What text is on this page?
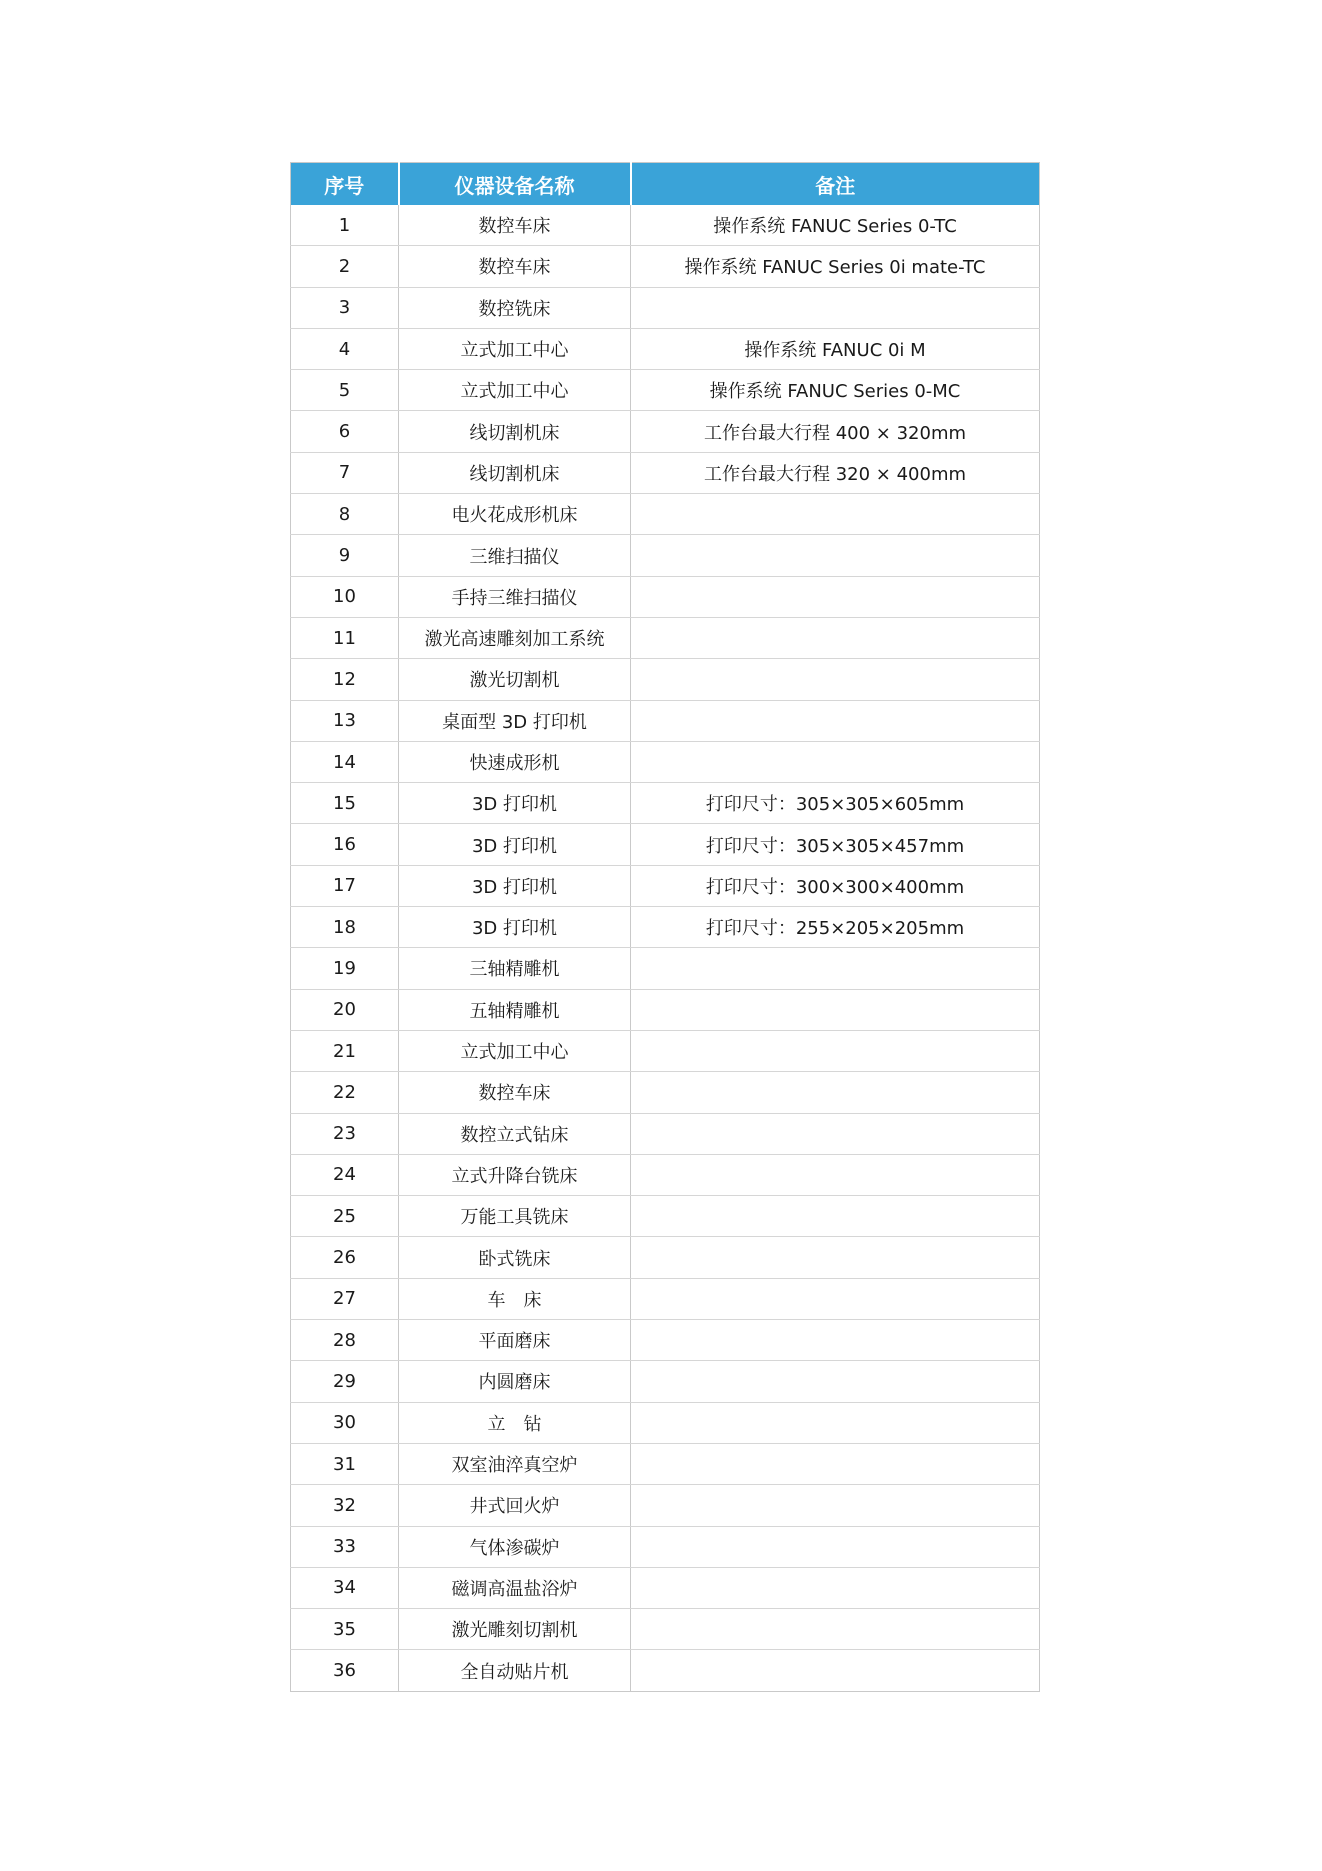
序号	仪器设备名称	备注
1	数控车床	操作系统 FANUC Series 0-TC
2	数控车床	操作系统 FANUC Series 0i mate-TC
3	数控铣床	
4	立式加工中心	操作系统 FANUC 0i M
5	立式加工中心	操作系统 FANUC Series 0-MC
6	线切割机床	工作台最大行程 400 × 320mm
7	线切割机床	工作台最大行程 320 × 400mm
8	电火花成形机床	
9	三维扫描仪	
10	手持三维扫描仪	
11	激光高速雕刻加工系统	
12	激光切割机	
13	桌面型 3D 打印机	
14	快速成形机	
15	3D 打印机	打印尺寸：305×305×605mm
16	3D 打印机	打印尺寸：305×305×457mm
17	3D 打印机	打印尺寸：300×300×400mm
18	3D 打印机	打印尺寸：255×205×205mm
19	三轴精雕机	
20	五轴精雕机	
21	立式加工中心	
22	数控车床	
23	数控立式钻床	
24	立式升降台铣床	
25	万能工具铣床	
26	卧式铣床	
27	车　床	
28	平面磨床	
29	内圆磨床	
30	立　钻	
31	双室油淬真空炉	
32	井式回火炉	
33	气体渗碳炉	
34	磁调高温盐浴炉	
35	激光雕刻切割机	
36	全自动贴片机	
